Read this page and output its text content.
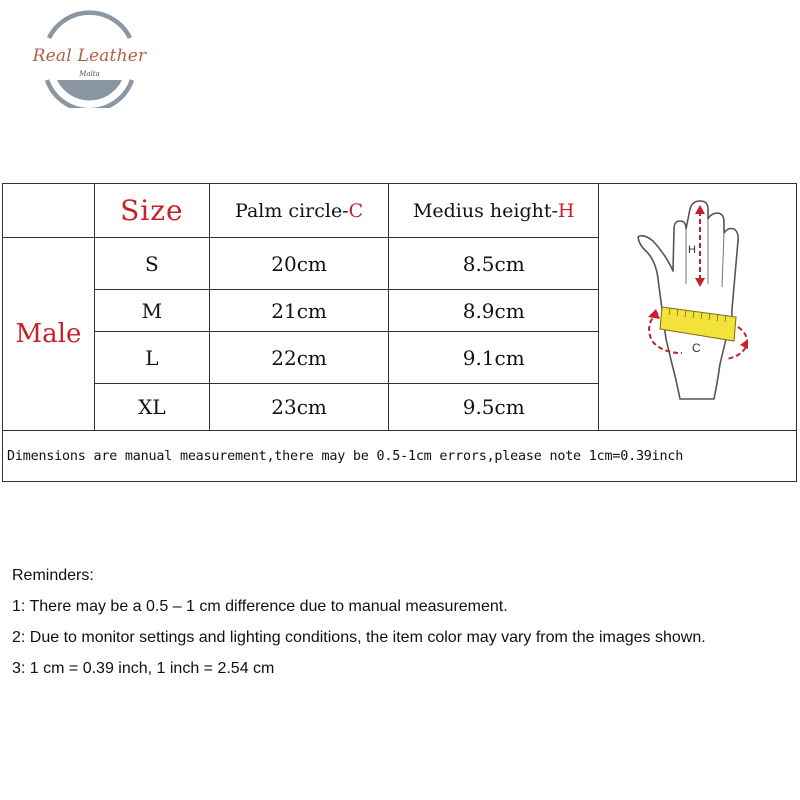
Real Leather
Malta
	Size	Palm circle-C	Medius height-H	H
C

Male	S	20cm	8.5cm	
	M	21cm	8.9cm	
	L	22cm	9.1cm	
	XL	23cm	9.5cm	
Dimensions are manual measurement,there may be 0.5-1cm errors,please note 1cm=0.39inch				
Reminders:
1: There may be a 0.5 – 1 cm difference due to manual measurement.
2: Due to monitor settings and lighting conditions, the item color may vary from the images shown.
3: 1 cm = 0.39 inch, 1 inch = 2.54 cm
